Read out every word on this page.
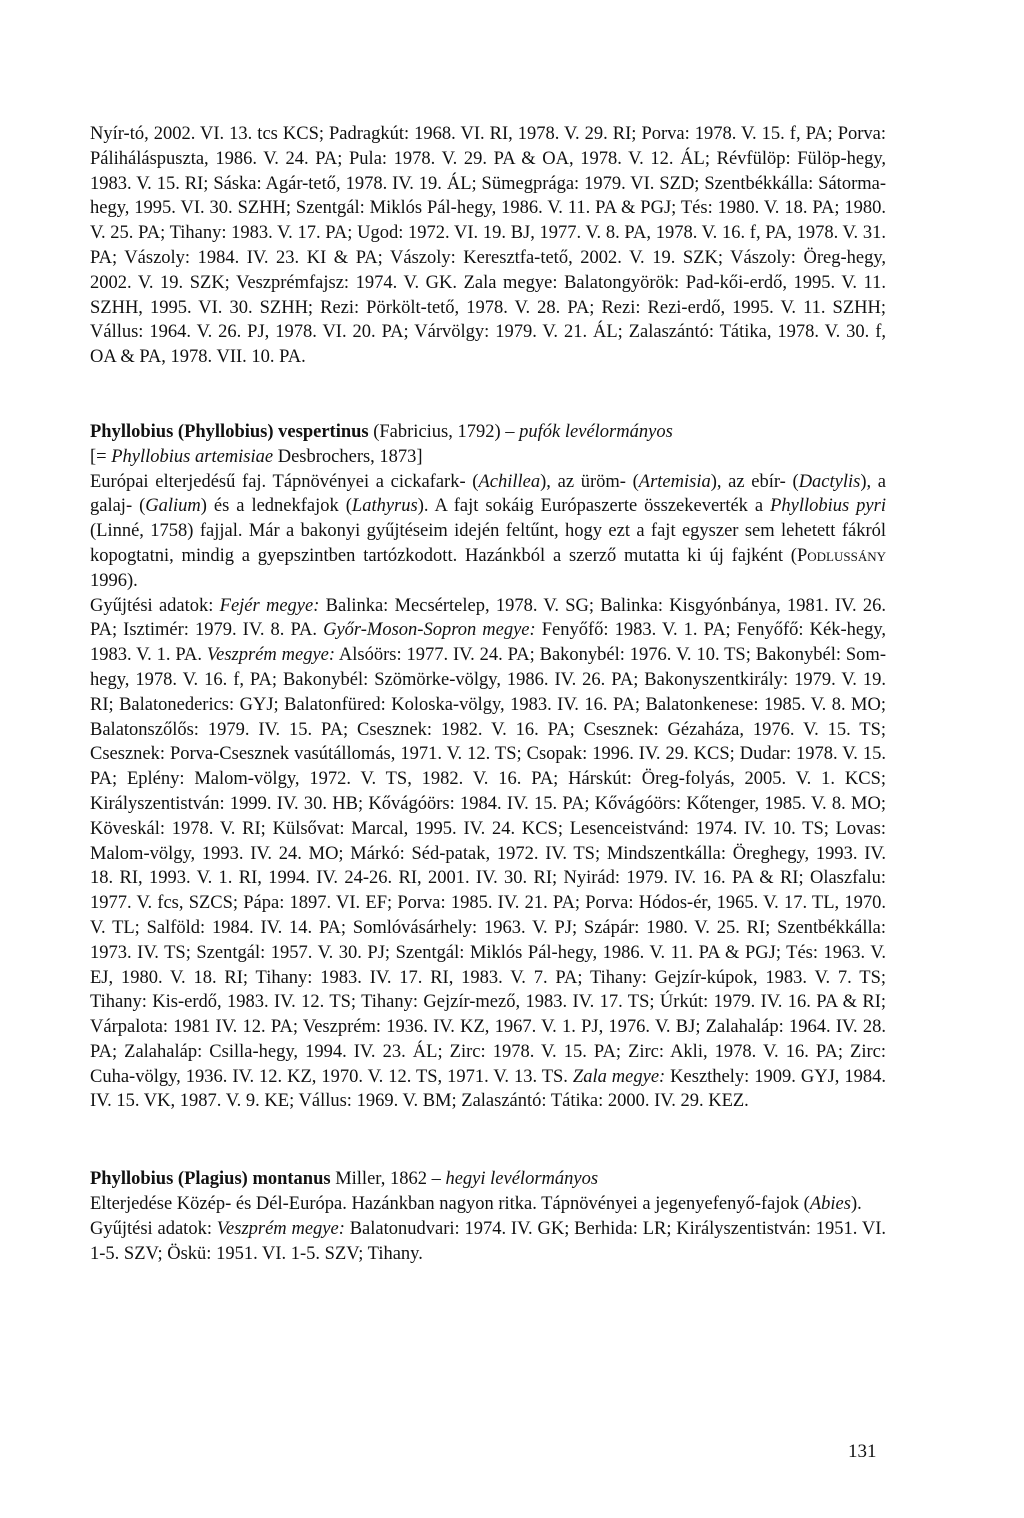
Nyír-tó, 2002. VI. 13. tcs KCS; Padragkút: 1968. VI. RI, 1978. V. 29. RI; Porva: 1978. V. 15. f, PA; Porva: Páliháláspuszta, 1986. V. 24. PA; Pula: 1978. V. 29. PA & OA, 1978. V. 12. ÁL; Révfülöp: Fülöp-hegy, 1983. V. 15. RI; Sáska: Agár-tető, 1978. IV. 19. ÁL; Sümegprága: 1979. VI. SZD; Szentbékkálla: Sátorma-hegy, 1995. VI. 30. SZHH; Szentgál: Miklós Pál-hegy, 1986. V. 11. PA & PGJ; Tés: 1980. V. 18. PA; 1980. V. 25. PA; Tihany: 1983. V. 17. PA; Ugod: 1972. VI. 19. BJ, 1977. V. 8. PA, 1978. V. 16. f, PA, 1978. V. 31. PA; Vászoly: 1984. IV. 23. KI & PA; Vászoly: Keresztfa-tető, 2002. V. 19. SZK; Vászoly: Öreg-hegy, 2002. V. 19. SZK; Veszprémfajsz: 1974. V. GK. Zala megye: Balatongyörök: Pad-kői-erdő, 1995. V. 11. SZHH, 1995. VI. 30. SZHH; Rezi: Pörkölt-tető, 1978. V. 28. PA; Rezi: Rezi-erdő, 1995. V. 11. SZHH; Vállus: 1964. V. 26. PJ, 1978. VI. 20. PA; Várvölgy: 1979. V. 21. ÁL; Zalaszántó: Tátika, 1978. V. 30. f, OA & PA, 1978. VII. 10. PA.

Phyllobius (Phyllobius) vespertinus (Fabricius, 1792) – pufók levélormányos

[= Phyllobius artemisiae Desbrochers, 1873]

Európai elterjedésű faj. Tápnövényei a cickafark- (Achillea), az üröm- (Artemisia), az ebír- (Dactylis), a galaj- (Galium) és a lednekfajok (Lathyrus). A fajt sokáig Európaszerte összekeverték a Phyllobius pyri (Linné, 1758) fajjal. Már a bakonyi gyűjtéseim idején feltűnt, hogy ezt a fajt egyszer sem lehetett fákról kopogtatni, mindig a gyepszintben tartózkodott. Hazánkból a szerző mutatta ki új fajként (Podlussány 1996).

Gyűjtési adatok: Fejér megye: Balinka: Mecsértelep, 1978. V. SG; Balinka: Kisgyónbánya, 1981. IV. 26. PA; Isztimér: 1979. IV. 8. PA. Győr-Moson-Sopron megye: Fenyőfő: 1983. V. 1. PA; Fenyőfő: Kék-hegy, 1983. V. 1. PA. Veszprém megye: Alsóörs: 1977. IV. 24. PA; Bakonybél: 1976. V. 10. TS; Bakonybél: Som-hegy, 1978. V. 16. f, PA; Bakonybél: Szömörke-völgy, 1986. IV. 26. PA; Bakonyszentkirály: 1979. V. 19. RI; Balatonederics: GYJ; Balatonfüred: Koloska-völgy, 1983. IV. 16. PA; Balatonkenese: 1985. V. 8. MO; Balatonszőlős: 1979. IV. 15. PA; Csesznek: 1982. V. 16. PA; Csesznek: Gézaháza, 1976. V. 15. TS; Csesznek: Porva-Csesznek vasútállomás, 1971. V. 12. TS; Csopak: 1996. IV. 29. KCS; Dudar: 1978. V. 15. PA; Eplény: Malom-völgy, 1972. V. TS, 1982. V. 16. PA; Hárskút: Öreg-folyás, 2005. V. 1. KCS; Királyszentistván: 1999. IV. 30. HB; Kővágóörs: 1984. IV. 15. PA; Kővágóörs: Kőtenger, 1985. V. 8. MO; Köveskál: 1978. V. RI; Külsővat: Marcal, 1995. IV. 24. KCS; Lesenceistvánd: 1974. IV. 10. TS; Lovas: Malom-völgy, 1993. IV. 24. MO; Márkó: Séd-patak, 1972. IV. TS; Mindszentkálla: Öreghegy, 1993. IV. 18. RI, 1993. V. 1. RI, 1994. IV. 24-26. RI, 2001. IV. 30. RI; Nyirád: 1979. IV. 16. PA & RI; Olaszfalu: 1977. V. fcs, SZCS; Pápa: 1897. VI. EF; Porva: 1985. IV. 21. PA; Porva: Hódos-ér, 1965. V. 17. TL, 1970. V. TL; Salföld: 1984. IV. 14. PA; Somlóvásárhely: 1963. V. PJ; Szápár: 1980. V. 25. RI; Szentbékkálla: 1973. IV. TS; Szentgál: 1957. V. 30. PJ; Szentgál: Miklós Pál-hegy, 1986. V. 11. PA & PGJ; Tés: 1963. V. EJ, 1980. V. 18. RI; Tihany: 1983. IV. 17. RI, 1983. V. 7. PA; Tihany: Gejzír-kúpok, 1983. V. 7. TS; Tihany: Kis-erdő, 1983. IV. 12. TS; Tihany: Gejzír-mező, 1983. IV. 17. TS; Úrkút: 1979. IV. 16. PA & RI; Várpalota: 1981 IV. 12. PA; Veszprém: 1936. IV. KZ, 1967. V. 1. PJ, 1976. V. BJ; Zalahaláp: 1964. IV. 28. PA; Zalahaláp: Csilla-hegy, 1994. IV. 23. ÁL; Zirc: 1978. V. 15. PA; Zirc: Akli, 1978. V. 16. PA; Zirc: Cuha-völgy, 1936. IV. 12. KZ, 1970. V. 12. TS, 1971. V. 13. TS. Zala megye: Keszthely: 1909. GYJ, 1984. IV. 15. VK, 1987. V. 9. KE; Vállus: 1969. V. BM; Zalaszántó: Tátika: 2000. IV. 29. KEZ.

Phyllobius (Plagius) montanus Miller, 1862 – hegyi levélormányos

Elterjedése Közép- és Dél-Európa. Hazánkban nagyon ritka. Tápnövényei a jegenyefenyő-fajok (Abies).

Gyűjtési adatok: Veszprém megye: Balatonudvari: 1974. IV. GK; Berhida: LR; Királyszentistván: 1951. VI. 1-5. SZV; Öskü: 1951. VI. 1-5. SZV; Tihany.

131
